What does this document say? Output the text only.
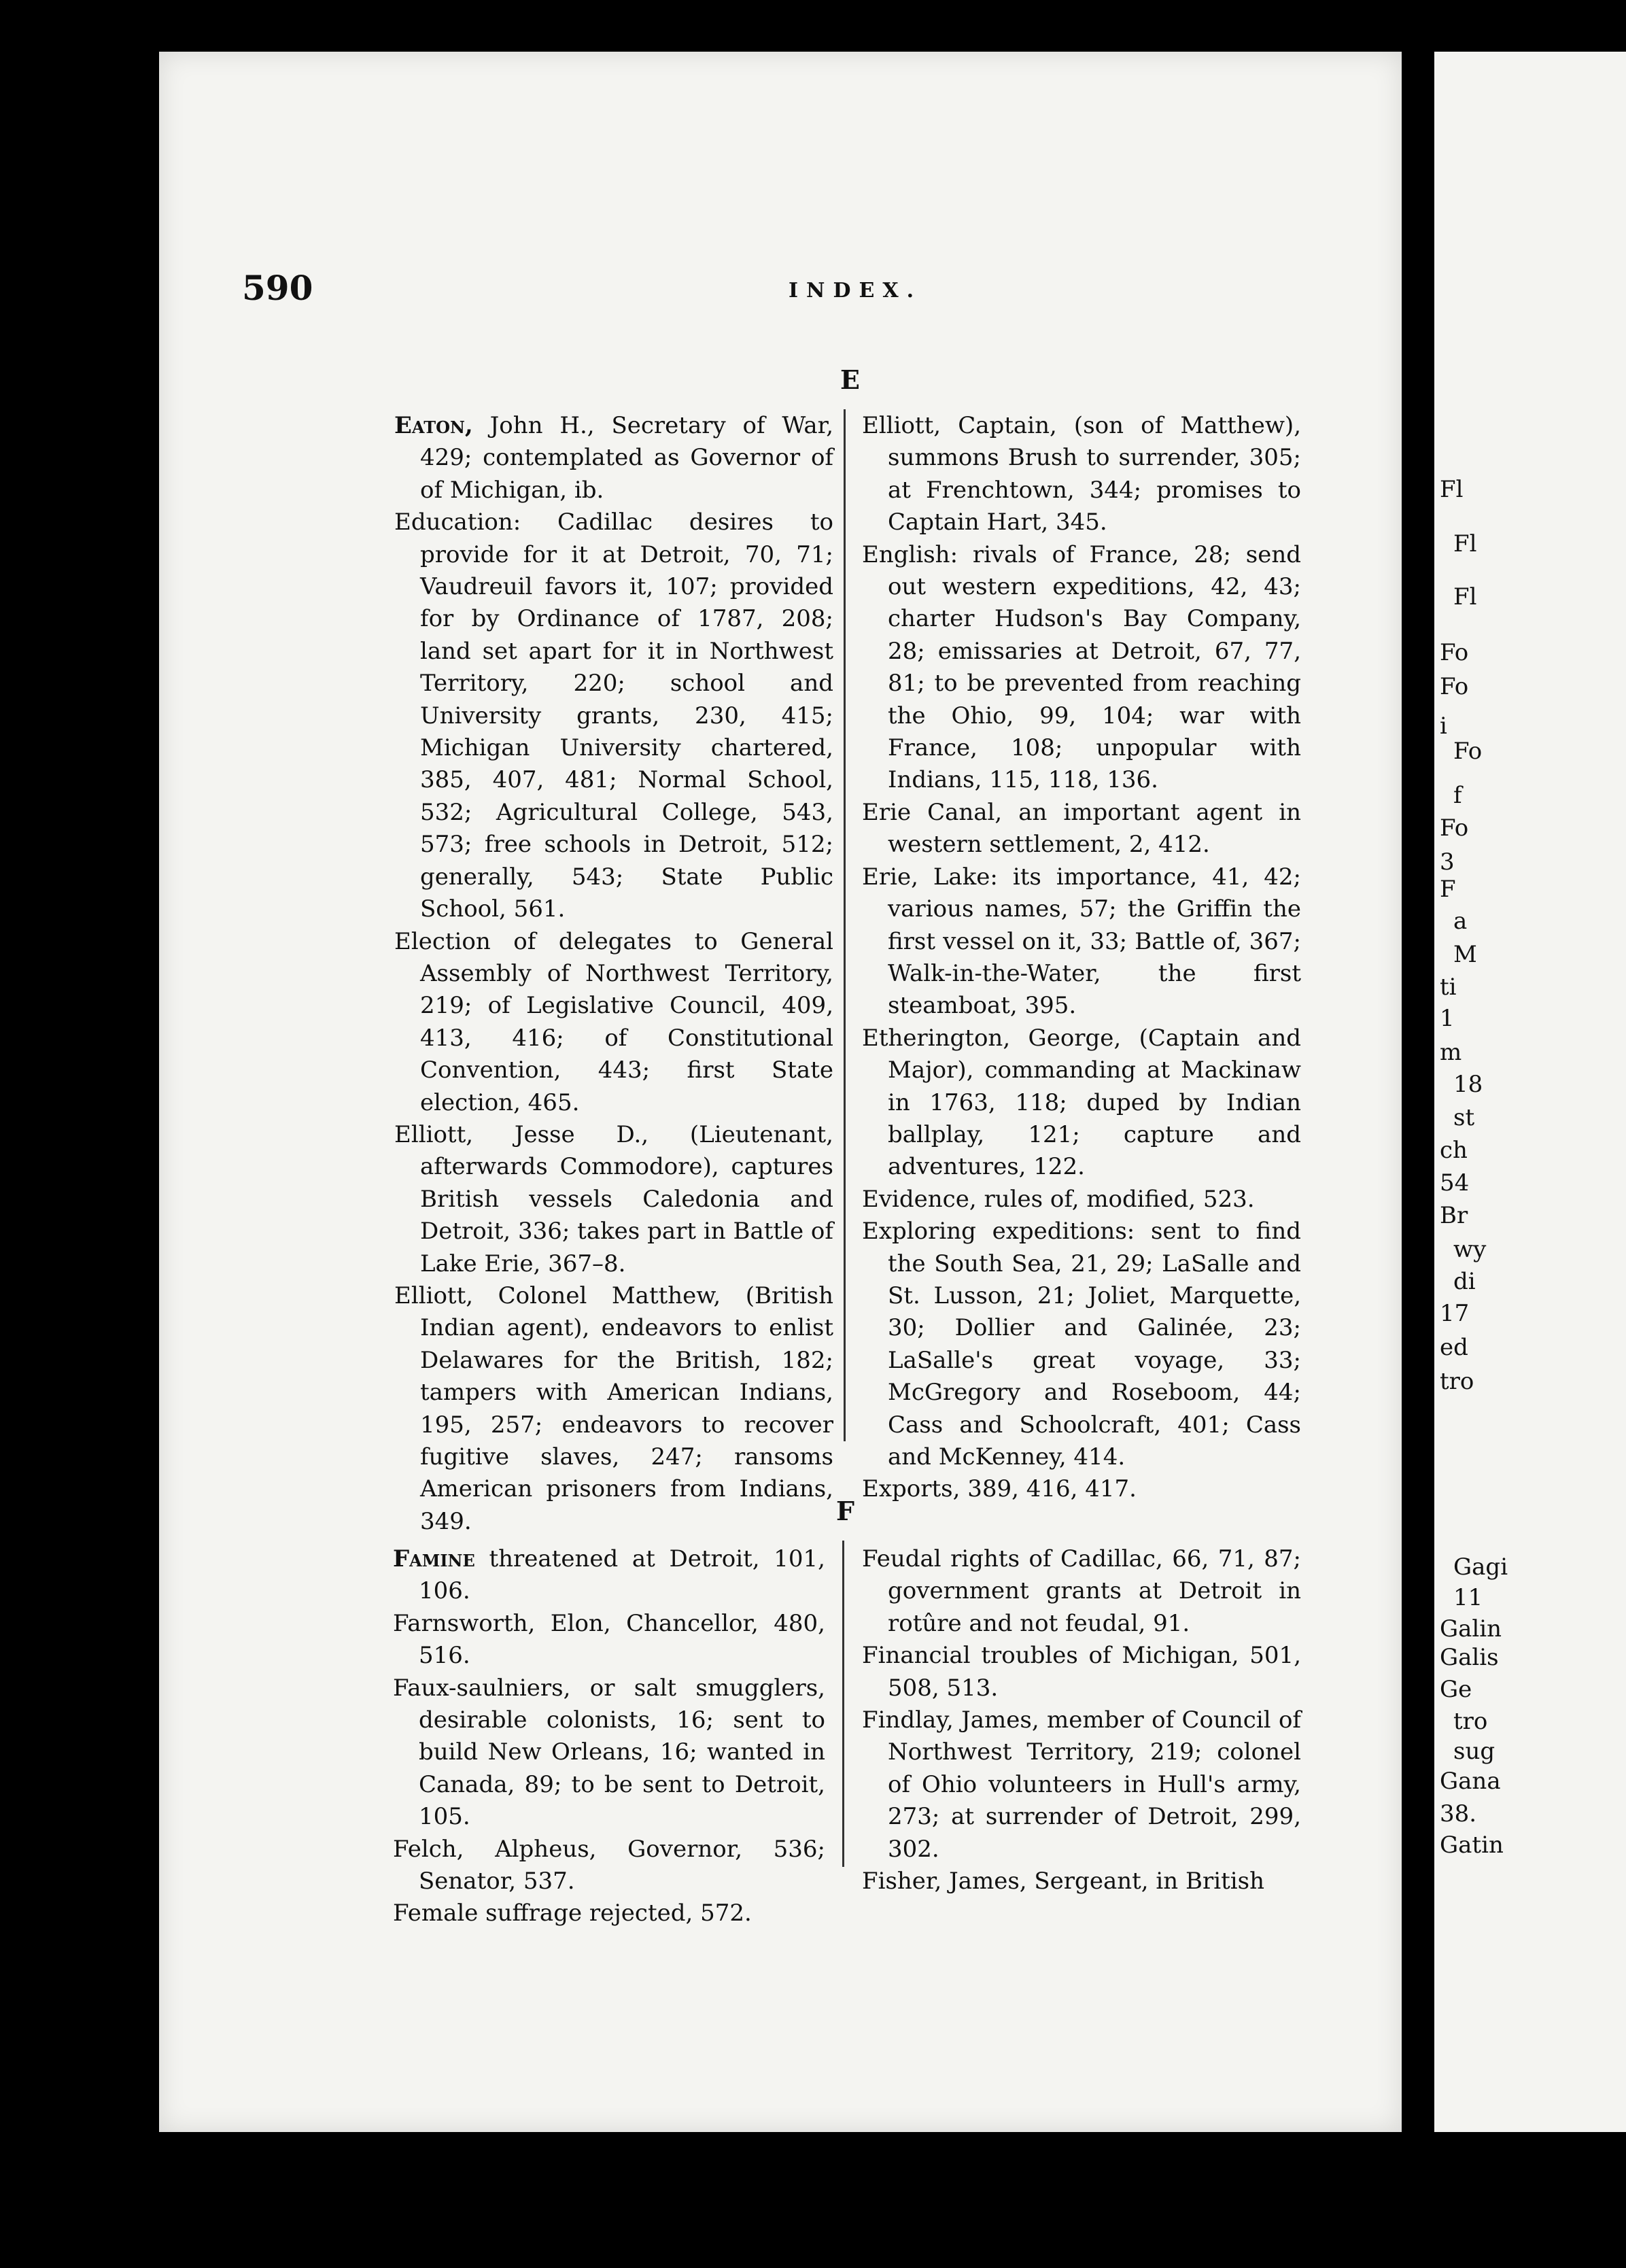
Fl
Fl
Fl
Fo
Fo
i
Fo
f
Fo
3
F
a
M
ti
1
m
18
st
ch
54
Br
wy
di
17
ed
tro
Gagi
11
Galin
Galis
Ge
tro
sug
Gana
38.
Gatin
590	INDEX.
E
Eaton, John H., Secretary of War, 429; contemplated as Governor of of Michigan, ib.
Education: Cadillac desires to provide for it at Detroit, 70, 71; Vaudreuil favors it, 107; provided for by Ordinance of 1787, 208; land set apart for it in Northwest Territory, 220; school and University grants, 230, 415; Michigan University chartered, 385, 407, 481; Normal School, 532; Agricultural College, 543, 573; free schools in Detroit, 512; generally, 543; State Public School, 561.
Election of delegates to General Assembly of Northwest Territory, 219; of Legislative Council, 409, 413, 416; of Constitutional Convention, 443; first State election, 465.
Elliott, Jesse D., (Lieutenant, afterwards Commodore), captures British vessels Caledonia and Detroit, 336; takes part in Battle of Lake Erie, 367–8.
Elliott, Colonel Matthew, (British Indian agent), endeavors to enlist Delawares for the British, 182; tampers with American Indians, 195, 257; endeavors to recover fugitive slaves, 247; ransoms American prisoners from Indians, 349.
Elliott, Captain, (son of Matthew), summons Brush to surrender, 305; at Frenchtown, 344; promises to Captain Hart, 345.
English: rivals of France, 28; send out western expeditions, 42, 43; charter Hudson's Bay Company, 28; emissaries at Detroit, 67, 77, 81; to be prevented from reaching the Ohio, 99, 104; war with France, 108; unpopular with Indians, 115, 118, 136.
Erie Canal, an important agent in western settlement, 2, 412.
Erie, Lake: its importance, 41, 42; various names, 57; the Griffin the first vessel on it, 33; Battle of, 367; Walk-in-the-Water, the first steamboat, 395.
Etherington, George, (Captain and Major), commanding at Mackinaw in 1763, 118; duped by Indian ballplay, 121; capture and adventures, 122.
Evidence, rules of, modified, 523.
Exploring expeditions: sent to find the South Sea, 21, 29; LaSalle and St. Lusson, 21; Joliet, Marquette, 30; Dollier and Galinée, 23; LaSalle's great voyage, 33; McGregory and Roseboom, 44; Cass and Schoolcraft, 401; Cass and McKenney, 414.
Exports, 389, 416, 417.
F
Famine threatened at Detroit, 101, 106.
Farnsworth, Elon, Chancellor, 480, 516.
Faux-saulniers, or salt smugglers, desirable colonists, 16; sent to build New Orleans, 16; wanted in Canada, 89; to be sent to Detroit, 105.
Felch, Alpheus, Governor, 536; Senator, 537.
Female suffrage rejected, 572.
Feudal rights of Cadillac, 66, 71, 87; government grants at Detroit in rotûre and not feudal, 91.
Financial troubles of Michigan, 501, 508, 513.
Findlay, James, member of Council of Northwest Territory, 219; colonel of Ohio volunteers in Hull's army, 273; at surrender of Detroit, 299, 302.
Fisher, James, Sergeant, in British
